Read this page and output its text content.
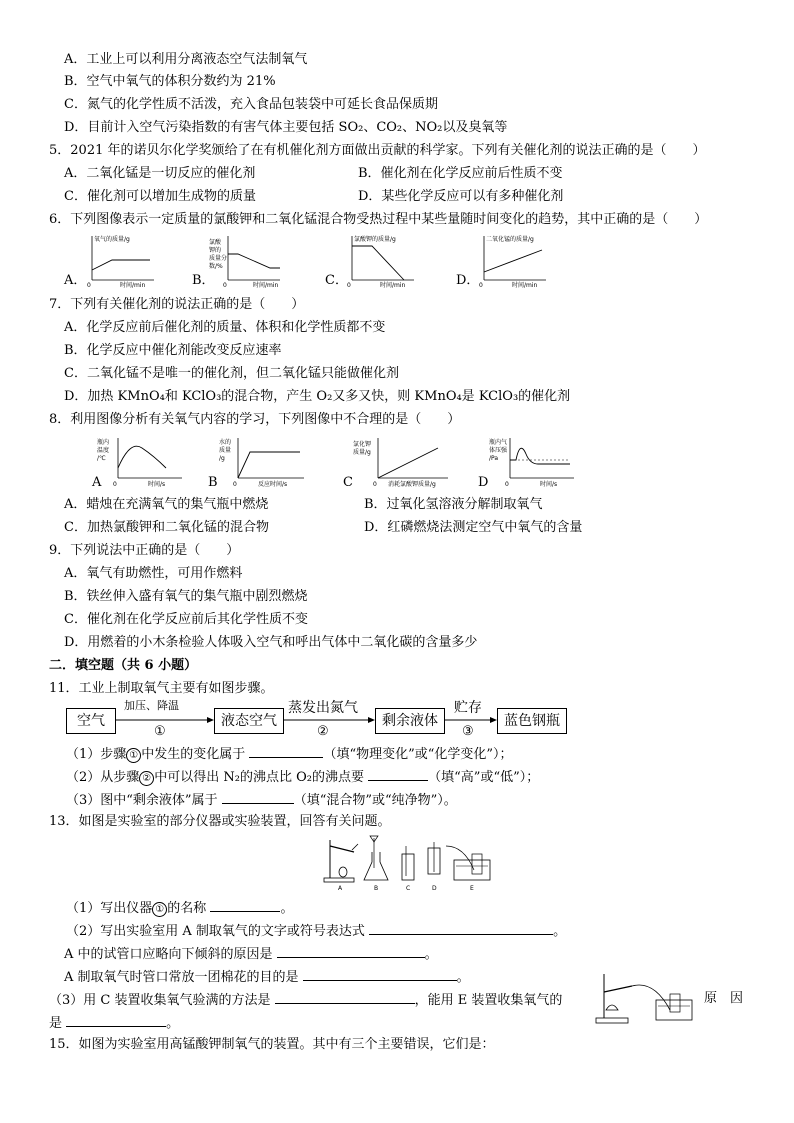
A．工业上可以利用分离液态空气法制氧气
B．空气中氧气的体积分数约为 21%
C．氮气的化学性质不活泼，充入食品包装袋中可延长食品保质期
D．目前计入空气污染指数的有害气体主要包括 SO₂、CO₂、NO₂以及臭氧等
5．2021 年的诺贝尔化学奖颁给了在有机催化剂方面做出贡献的科学家。下列有关催化剂的说法正确的是（　　）
A．二氧化锰是一切反应的催化剂	B．催化剂在化学反应前后性质不变
C．催化剂可以增加生成物的质量	D．某些化学反应可以有多种催化剂
6．下列图像表示一定质量的氯酸钾和二氧化锰混合物受热过程中某些量随时间变化的趋势，其中正确的是（　　）
A．	B．	C．	D．
氧气的质量/g
0	时间/min
氯酸
钾的
质量分
数/%
0	时间/min
氯酸钾的质量/g
0	时间/min
二氧化锰的质量/g
0	时间/min
7．下列有关催化剂的说法正确的是（　　）
A．化学反应前后催化剂的质量、体积和化学性质都不变
B．化学反应中催化剂能改变反应速率
C．二氧化锰不是唯一的催化剂，但二氧化锰只能做催化剂
D．加热 KMnO₄和 KClO₃的混合物，产生 O₂又多又快，则 KMnO₄是 KClO₃的催化剂
8．利用图像分析有关氧气内容的学习，下列图像中不合理的是（　　）
A	B	C	D
瓶内
温度
/℃
0	时间/s
水的
质量
/g
0	反应时间/s
氯化钾
质量/g
0 消耗氯酸钾质量/g
瓶内气
体压强
/Pa
0	时间/s
A．蜡烛在充满氧气的集气瓶中燃烧	B．过氧化氢溶液分解制取氧气
C．加热氯酸钾和二氧化锰的混合物	D．红磷燃烧法测定空气中氧气的含量
9．下列说法中正确的是（　　）
A．氧气有助燃性，可用作燃料
B．铁丝伸入盛有氧气的集气瓶中剧烈燃烧
C．催化剂在化学反应前后其化学性质不变
D．用燃着的小木条检验人体吸入空气和呼出气体中二氧化碳的含量多少
二．填空题（共 6 小题）
11．工业上制取氧气主要有如图步骤。
空气	液态空气	剩余液体	蓝色钢瓶
加压、降温	蒸发出氮气	贮存
①	②	③
（1）步骤 ① 中发生的变化属于	（填“物理变化”或“化学变化”）；
（2）从步骤 ② 中可以得出 N₂的沸点比 O₂的沸点要	（填“高”或“低”）；
（3）图中“剩余液体”属于	（填“混合物”或“纯净物”）。
13．如图是实验室的部分仪器或实验装置，回答有关问题。
A	B	C	D	E
（1）写出仪器 ① 的名称	。
（2）写出实验室用 A 制取氧气的文字或符号表达式	。
A 中的试管口应略向下倾斜的原因是	。
A 制取氧气时管口常放一团棉花的目的是	。
（3）用 C 装置收集氧气验满的方法是	，能用 E 装置收集氧气的	原　因
是	。
15．如图为实验室用高锰酸钾制氧气的装置。其中有三个主要错误，它们是：
